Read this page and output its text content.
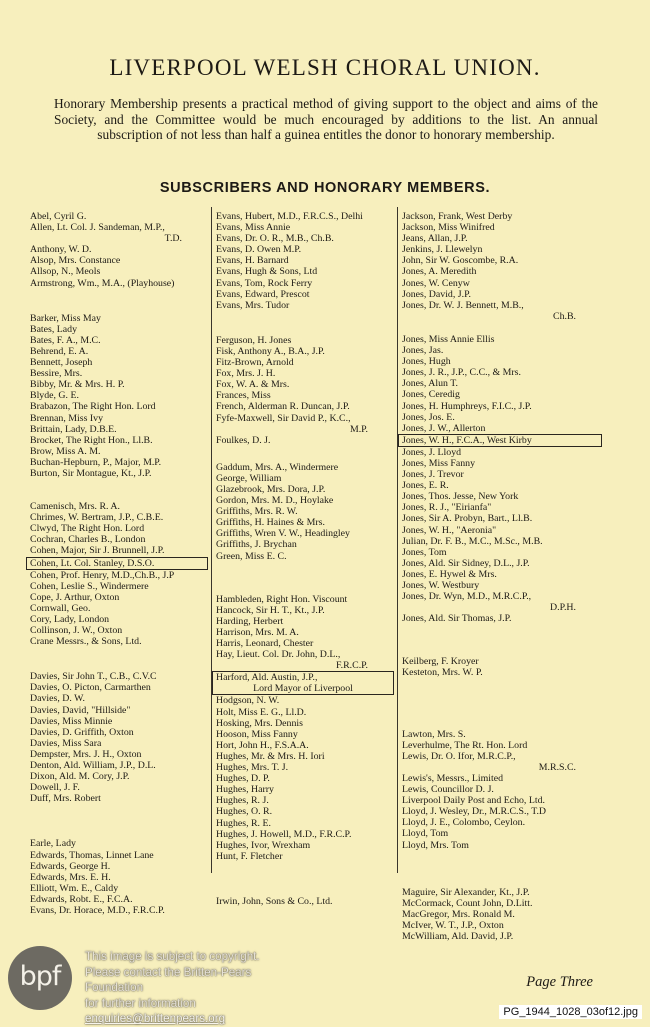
LIVERPOOL WELSH CHORAL UNION.

Honorary Membership presents a practical method of giving support to the object and aims of the Society, and the Committee would be much encouraged by additions to the list. An annual subscription of not less than half a guinea entitles the donor to honorary membership.

SUBSCRIBERS AND HONORARY MEMBERS.
Abel, Cyril G.
Allen, Lt. Col. J. Sandeman, M.P.,
T.D.
Anthony, W. D.
Alsop, Mrs. Constance
Allsop, N., Meols
Armstrong, Wm., M.A., (Playhouse)
Barker, Miss May
Bates, Lady
Bates, F. A., M.C.
Behrend, E. A.
Bennett, Joseph
Bessire, Mrs.
Bibby, Mr. & Mrs. H. P.
Blyde, G. E.
Brabazon, The Right Hon. Lord
Brennan, Miss Ivy
Brittain, Lady, D.B.E.
Brocket, The Right Hon., Ll.B.
Brow, Miss A. M.
Buchan-Hepburn, P., Major, M.P.
Burton, Sir Montague, Kt., J.P.
Camenisch, Mrs. R. A.
Chrimes, W. Bertram, J.P., C.B.E.
Clwyd, The Right Hon. Lord
Cochran, Charles B., London
Cohen, Major, Sir J. Brunnell, J.P.
Cohen, Lt. Col. Stanley, D.S.O.
Cohen, Prof. Henry, M.D.,Ch.B., J.P
Cohen, Leslie S., Windermere
Cope, J. Arthur, Oxton
Cornwall, Geo.
Cory, Lady, London
Collinson, J. W., Oxton
Crane Messrs., & Sons, Ltd.
Davies, Sir John T., C.B., C.V.C
Davies, O. Picton, Carmarthen
Davies, D. W.
Davies, David, "Hillside"
Davies, Miss Minnie
Davies, D. Griffith, Oxton
Davies, Miss Sara
Dempster, Mrs. J. H., Oxton
Denton, Ald. William, J.P., D.L.
Dixon, Ald. M. Cory, J.P.
Dowell, J. F.
Duff, Mrs. Robert
Earle, Lady
Edwards, Thomas, Linnet Lane
Edwards, George H.
Edwards, Mrs. E. H.
Elliott, Wm. E., Caldy
Edwards, Robt. E., F.C.A.
Evans, Dr. Horace, M.D., F.R.C.P.
Evans, Hubert, M.D., F.R.C.S., Delhi
Evans, Miss Annie
Evans, Dr. O. R., M.B., Ch.B.
Evans, D. Owen M.P.
Evans, H. Barnard
Evans, Hugh & Sons, Ltd
Evans, Tom, Rock Ferry
Evans, Edward, Prescot
Evans, Mrs. Tudor
Ferguson, H. Jones
Fisk, Anthony A., B.A., J.P.
Fitz-Brown, Arnold
Fox, Mrs. J. H.
Fox, W. A. & Mrs.
Frances, Miss
French, Alderman R. Duncan, J.P.
Fyfe-Maxwell, Sir David P., K.C.,
M.P.
Foulkes, D. J.
Gaddum, Mrs. A., Windermere
George, William
Glazebrook, Mrs. Dora, J.P.
Gordon, Mrs. M. D., Hoylake
Griffiths, Mrs. R. W.
Griffiths, H. Haines & Mrs.
Griffiths, Wren V. W., Headingley
Griffiths, J. Brychan
Green, Miss E. C.
Hambleden, Right Hon. Viscount
Hancock, Sir H. T., Kt., J.P.
Harding, Herbert
Harrison, Mrs. M. A.
Harris, Leonard, Chester
Hay, Lieut. Col. Dr. John, D.L.,
F.R.C.P.
Harford, Ald. Austin, J.P.,
Lord Mayor of Liverpool
Hodgson, N. W.
Holt, Miss E. G., Ll.D.
Hosking, Mrs. Dennis
Hooson, Miss Fanny
Hort, John H., F.S.A.A.
Hughes, Mr. & Mrs. H. Iori
Hughes, Mrs. T. J.
Hughes, D. P.
Hughes, Harry
Hughes, R. J.
Hughes, O. R.
Hughes, R. E.
Hughes, J. Howell, M.D., F.R.C.P.
Hughes, Ivor, Wrexham
Hunt, F. Fletcher
Irwin, John, Sons & Co., Ltd.
Jackson, Frank, West Derby
Jackson, Miss Winifred
Jeans, Allan, J.P.
Jenkins, J. Llewelyn
John, Sir W. Goscombe, R.A.
Jones, A. Meredith
Jones, W. Cenyw
Jones, David, J.P.
Jones, Dr. W. J. Bennett, M.B.,
Ch.B.
Jones, Miss Annie Ellis
Jones, Jas.
Jones, Hugh
Jones, J. R., J.P., C.C., & Mrs.
Jones, Alun T.
Jones, Ceredig
Jones, H. Humphreys, F.I.C., J.P.
Jones, Jos. E.
Jones, J. W., Allerton
Jones, W. H., F.C.A., West Kirby
Jones, J. Lloyd
Jones, Miss Fanny
Jones, J. Trevor
Jones, E. R.
Jones, Thos. Jesse, New York
Jones, R. J., "Eirianfa"
Jones, Sir A. Probyn, Bart., Ll.B.
Jones, W. H., "Aeronia"
Julian, Dr. F. B., M.C., M.Sc., M.B.
Jones, Tom
Jones, Ald. Sir Sidney, D.L., J.P.
Jones, E. Hywel & Mrs.
Jones, W. Westbury
Jones, Dr. Wyn, M.D., M.R.C.P.,
D.P.H.
Jones, Ald. Sir Thomas, J.P.
Keilberg, F. Kroyer
Kesteton, Mrs. W. P.
Lawton, Mrs. S.
Leverhulme, The Rt. Hon. Lord
Lewis, Dr. O. Ifor, M.R.C.P.,
M.R.S.C.
Lewis's, Messrs., Limited
Lewis, Councillor D. J.
Liverpool Daily Post and Echo, Ltd.
Lloyd, J. Wesley, Dr., M.R.C.S., T.D
Lloyd, J. E., Colombo, Ceylon.
Lloyd, Tom
Lloyd, Mrs. Tom
Maguire, Sir Alexander, Kt., J.P.
McCormack, Count John, D.Litt.
MacGregor, Mrs. Ronald M.
McIver, W. T., J.P., Oxton
McWilliam, Ald. David, J.P.

Page Three

bpf
This image is subject to copyright.
Please contact the Britten-Pears Foundation
for further information
enquiries@brittenpears.org
PG_1944_1028_03of12.jpg
